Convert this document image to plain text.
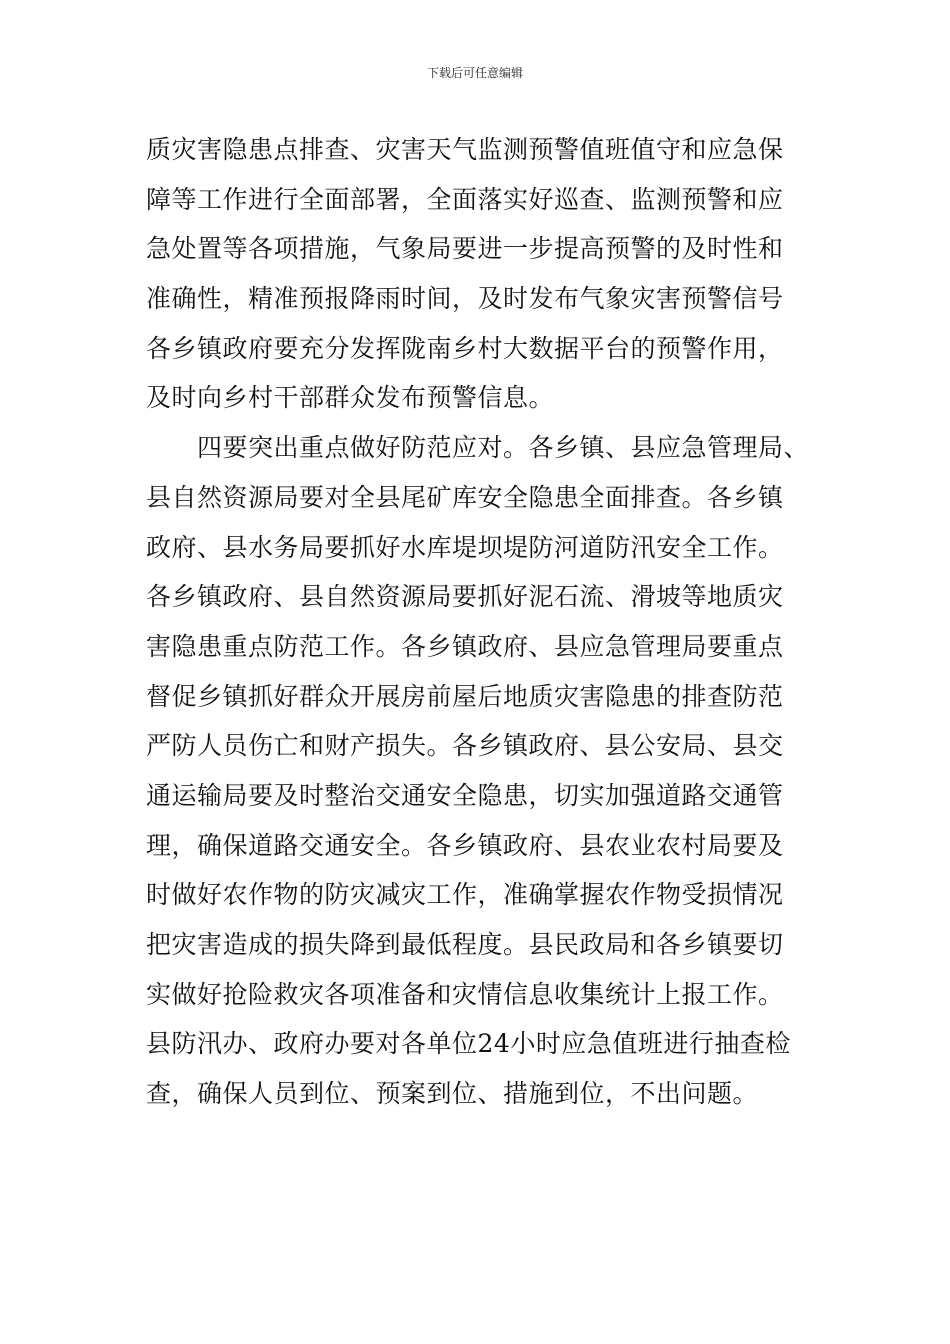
下载后可任意编辑
质灾害隐患点排查、灾害天气监测预警值班值守和应急保
障等工作进行全面部署，全面落实好巡查、监测预警和应
急处置等各项措施，气象局要进一步提高预警的及时性和
准确性，精准预报降雨时间，及时发布气象灾害预警信号
各乡镇政府要充分发挥陇南乡村大数据平台的预警作用，
及时向乡村干部群众发布预警信息。
　　四要突出重点做好防范应对。各乡镇、县应急管理局、
县自然资源局要对全县尾矿库安全隐患全面排查。各乡镇
政府、县水务局要抓好水库堤坝堤防河道防汛安全工作。
各乡镇政府、县自然资源局要抓好泥石流、滑坡等地质灾
害隐患重点防范工作。各乡镇政府、县应急管理局要重点
督促乡镇抓好群众开展房前屋后地质灾害隐患的排查防范
严防人员伤亡和财产损失。各乡镇政府、县公安局、县交
通运输局要及时整治交通安全隐患，切实加强道路交通管
理，确保道路交通安全。各乡镇政府、县农业农村局要及
时做好农作物的防灾减灾工作，准确掌握农作物受损情况
把灾害造成的损失降到最低程度。县民政局和各乡镇要切
实做好抢险救灾各项准备和灾情信息收集统计上报工作。
县防汛办、政府办要对各单位24小时应急值班进行抽查检
查，确保人员到位、预案到位、措施到位，不出问题。
